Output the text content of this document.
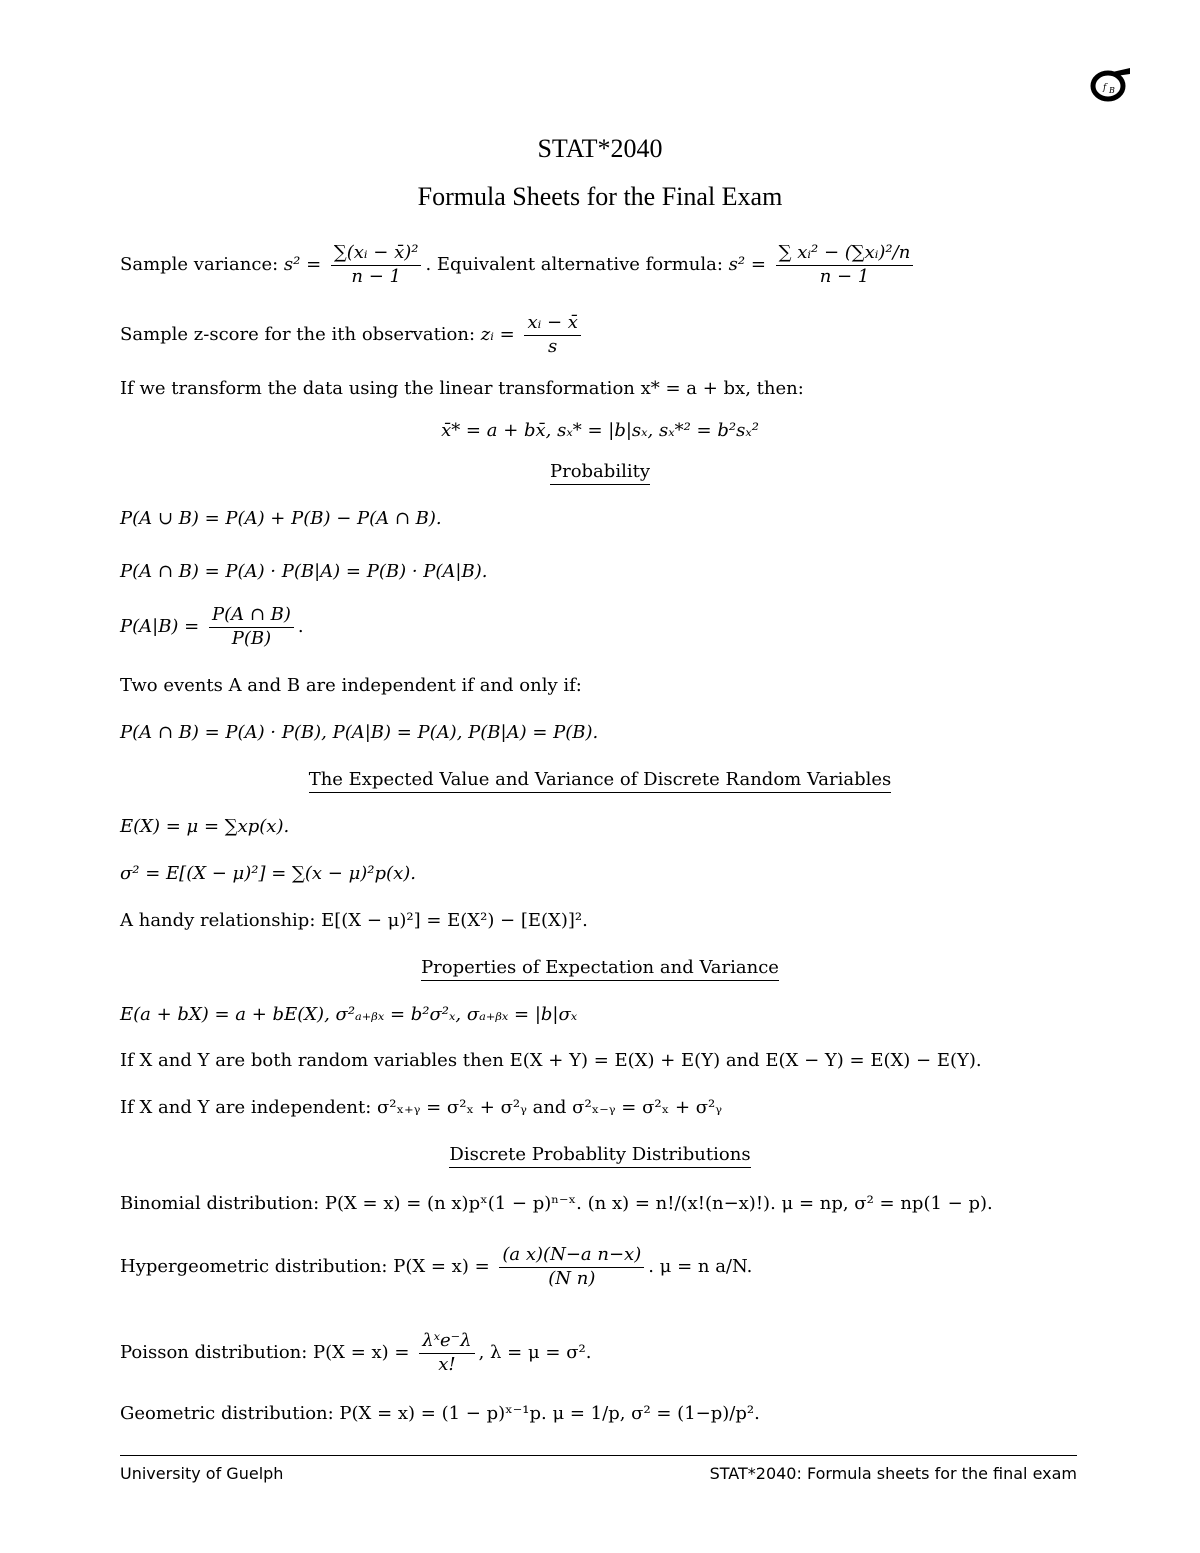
f B
STAT*2040
Formula Sheets for the Final Exam
Sample variance: $s^2 = \frac{\text{∑(xᵢ − x̄)²}}{n - 1}$ . Equivalent alternative formula: $s^2 = \frac{\text{∑ xᵢ² − (∑xᵢ)²/n}}{n - 1}$
Sample z-score for the ith observation: zᵢ = $\frac{\text{xᵢ − x̄}}{s}$
If we transform the data using the linear transformation x* = a + bx, then:
x̄* = a + bx̄, sₓ* = |b|sₓ, sₓ*² = b²sₓ²
Probability
P(A ∪ B) = P(A) + P(B) − P(A ∩ B).
P(A ∩ B) = P(A) · P(B|A) = P(B) · P(A|B).
$P(A|B) = \frac{P(A \cap B)}{P(B)}$ .
Two events A and B are independent if and only if:
P(A ∩ B) = P(A) · P(B), P(A|B) = P(A), P(B|A) = P(B).
The Expected Value and Variance of Discrete Random Variables
E(X) = μ = ∑xp(x).
σ² = E[(X − μ)²] = ∑(x − μ)²p(x).
A handy relationship: E[(X − μ)²] = E(X²) − [E(X)]².
Properties of Expectation and Variance
E(a + bX) = a + bE(X), σ²ₐ₊ᵦₓ = b²σ²ₓ, σₐ₊ᵦₓ = |b|σₓ
If X and Y are both random variables then E(X + Y) = E(X) + E(Y) and E(X − Y) = E(X) − E(Y).
If X and Y are independent: σ²ₓ₊ᵧ = σ²ₓ + σ²ᵧ and σ²ₓ₋ᵧ = σ²ₓ + σ²ᵧ
Discrete Probablity Distributions
Binomial distribution: P(X = x) = (n x)pˣ(1 − p)ⁿ⁻ˣ. (n x) = n!/(x!(n−x)!). μ = np, σ² = np(1 − p).
Hypergeometric distribution: $P(X = x) = \frac{\text{(a x)(N−a n−x)}}{\text{(N n)}}$ . μ = n a/N.
Poisson distribution: $P(X = x) = \frac{\text{λˣe⁻λ}}{x!}$ , λ = μ = σ².
Geometric distribution: P(X = x) = (1 − p)ˣ⁻¹p. μ = 1/p, σ² = (1−p)/p².
University of Guelph	STAT*2040: Formula sheets for the final exam
